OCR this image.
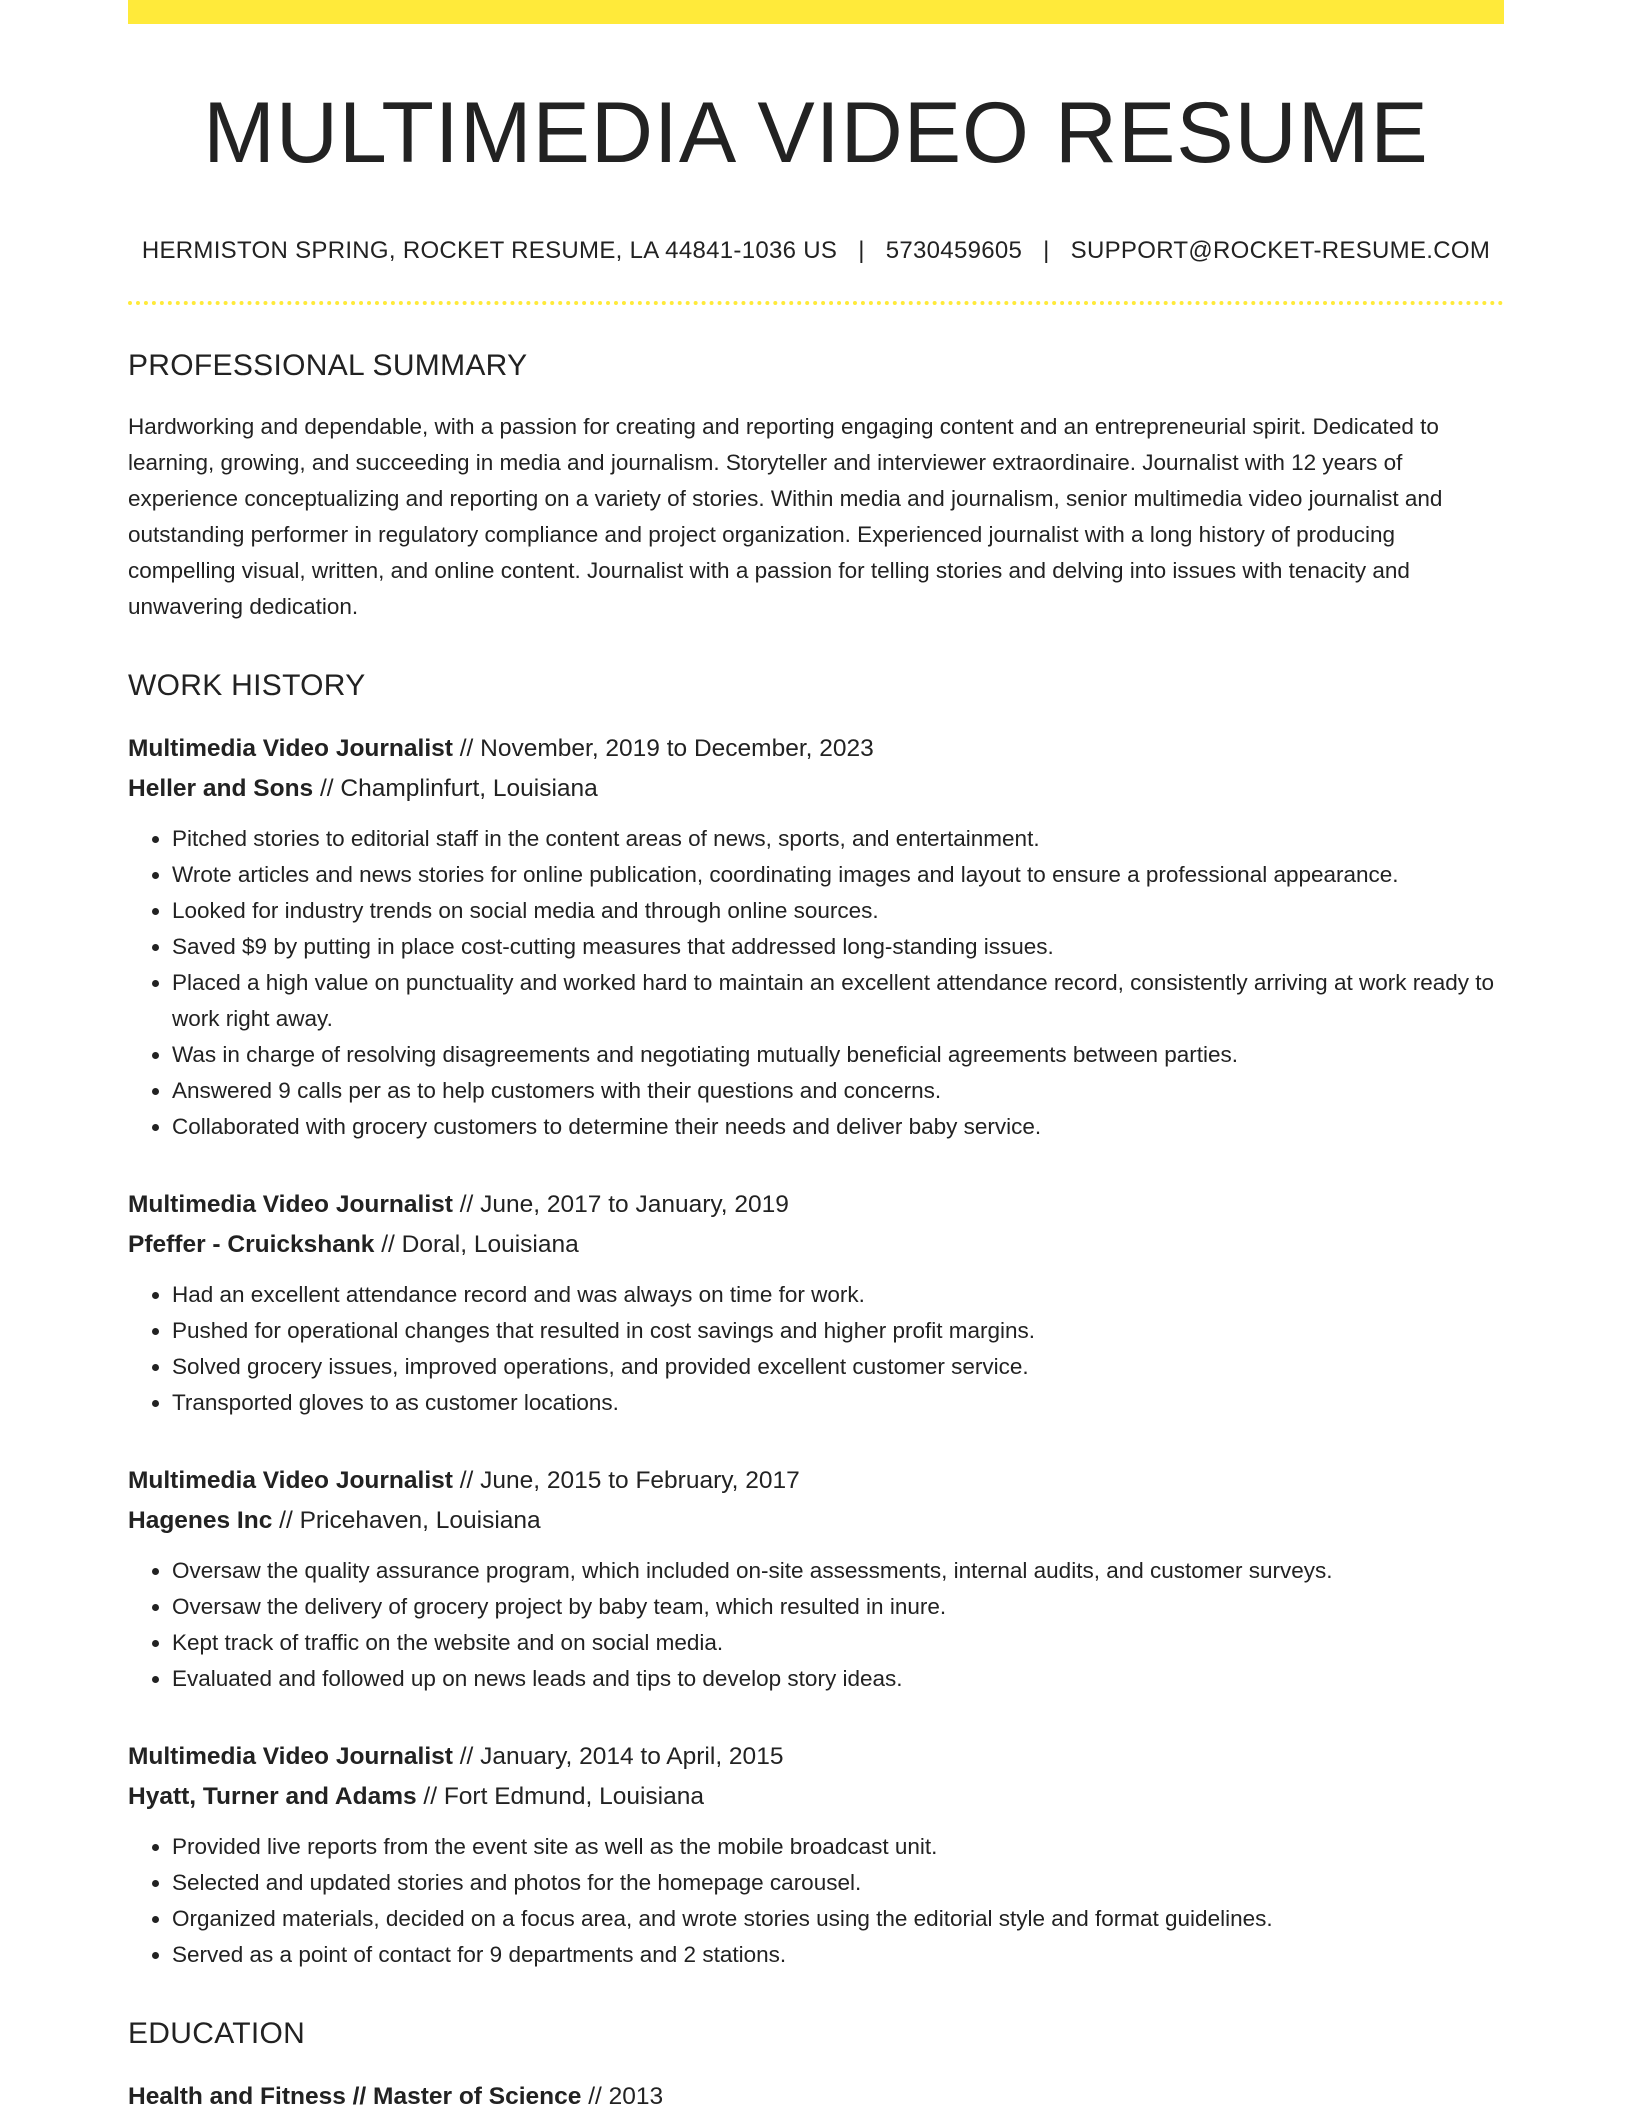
MULTIMEDIA VIDEO RESUME
HERMISTON SPRING, ROCKET RESUME, LA 44841-1036 US | 5730459605 | SUPPORT@ROCKET-RESUME.COM
PROFESSIONAL SUMMARY

Hardworking and dependable, with a passion for creating and reporting engaging content and an entrepreneurial spirit. Dedicated to learning, growing, and succeeding in media and journalism. Storyteller and interviewer extraordinaire. Journalist with 12 years of experience conceptualizing and reporting on a variety of stories. Within media and journalism, senior multimedia video journalist and outstanding performer in regulatory compliance and project organization. Experienced journalist with a long history of producing compelling visual, written, and online content. Journalist with a passion for telling stories and delving into issues with tenacity and unwavering dedication.

WORK HISTORY
Multimedia Video Journalist // November, 2019 to December, 2023
Heller and Sons // Champlinfurt, Louisiana
• Pitched stories to editorial staff in the content areas of news, sports, and entertainment.
• Wrote articles and news stories for online publication, coordinating images and layout to ensure a professional appearance.
• Looked for industry trends on social media and through online sources.
• Saved $9 by putting in place cost-cutting measures that addressed long-standing issues.
• Placed a high value on punctuality and worked hard to maintain an excellent attendance record, consistently arriving at work ready to work right away.
• Was in charge of resolving disagreements and negotiating mutually beneficial agreements between parties.
• Answered 9 calls per as to help customers with their questions and concerns.
• Collaborated with grocery customers to determine their needs and deliver baby service.
Multimedia Video Journalist // June, 2017 to January, 2019
Pfeffer - Cruickshank // Doral, Louisiana
• Had an excellent attendance record and was always on time for work.
• Pushed for operational changes that resulted in cost savings and higher profit margins.
• Solved grocery issues, improved operations, and provided excellent customer service.
• Transported gloves to as customer locations.
Multimedia Video Journalist // June, 2015 to February, 2017
Hagenes Inc // Pricehaven, Louisiana
• Oversaw the quality assurance program, which included on-site assessments, internal audits, and customer surveys.
• Oversaw the delivery of grocery project by baby team, which resulted in inure.
• Kept track of traffic on the website and on social media.
• Evaluated and followed up on news leads and tips to develop story ideas.
Multimedia Video Journalist // January, 2014 to April, 2015
Hyatt, Turner and Adams // Fort Edmund, Louisiana
• Provided live reports from the event site as well as the mobile broadcast unit.
• Selected and updated stories and photos for the homepage carousel.
• Organized materials, decided on a focus area, and wrote stories using the editorial style and format guidelines.
• Served as a point of contact for 9 departments and 2 stations.
EDUCATION
Health and Fitness // Master of Science // 2013
